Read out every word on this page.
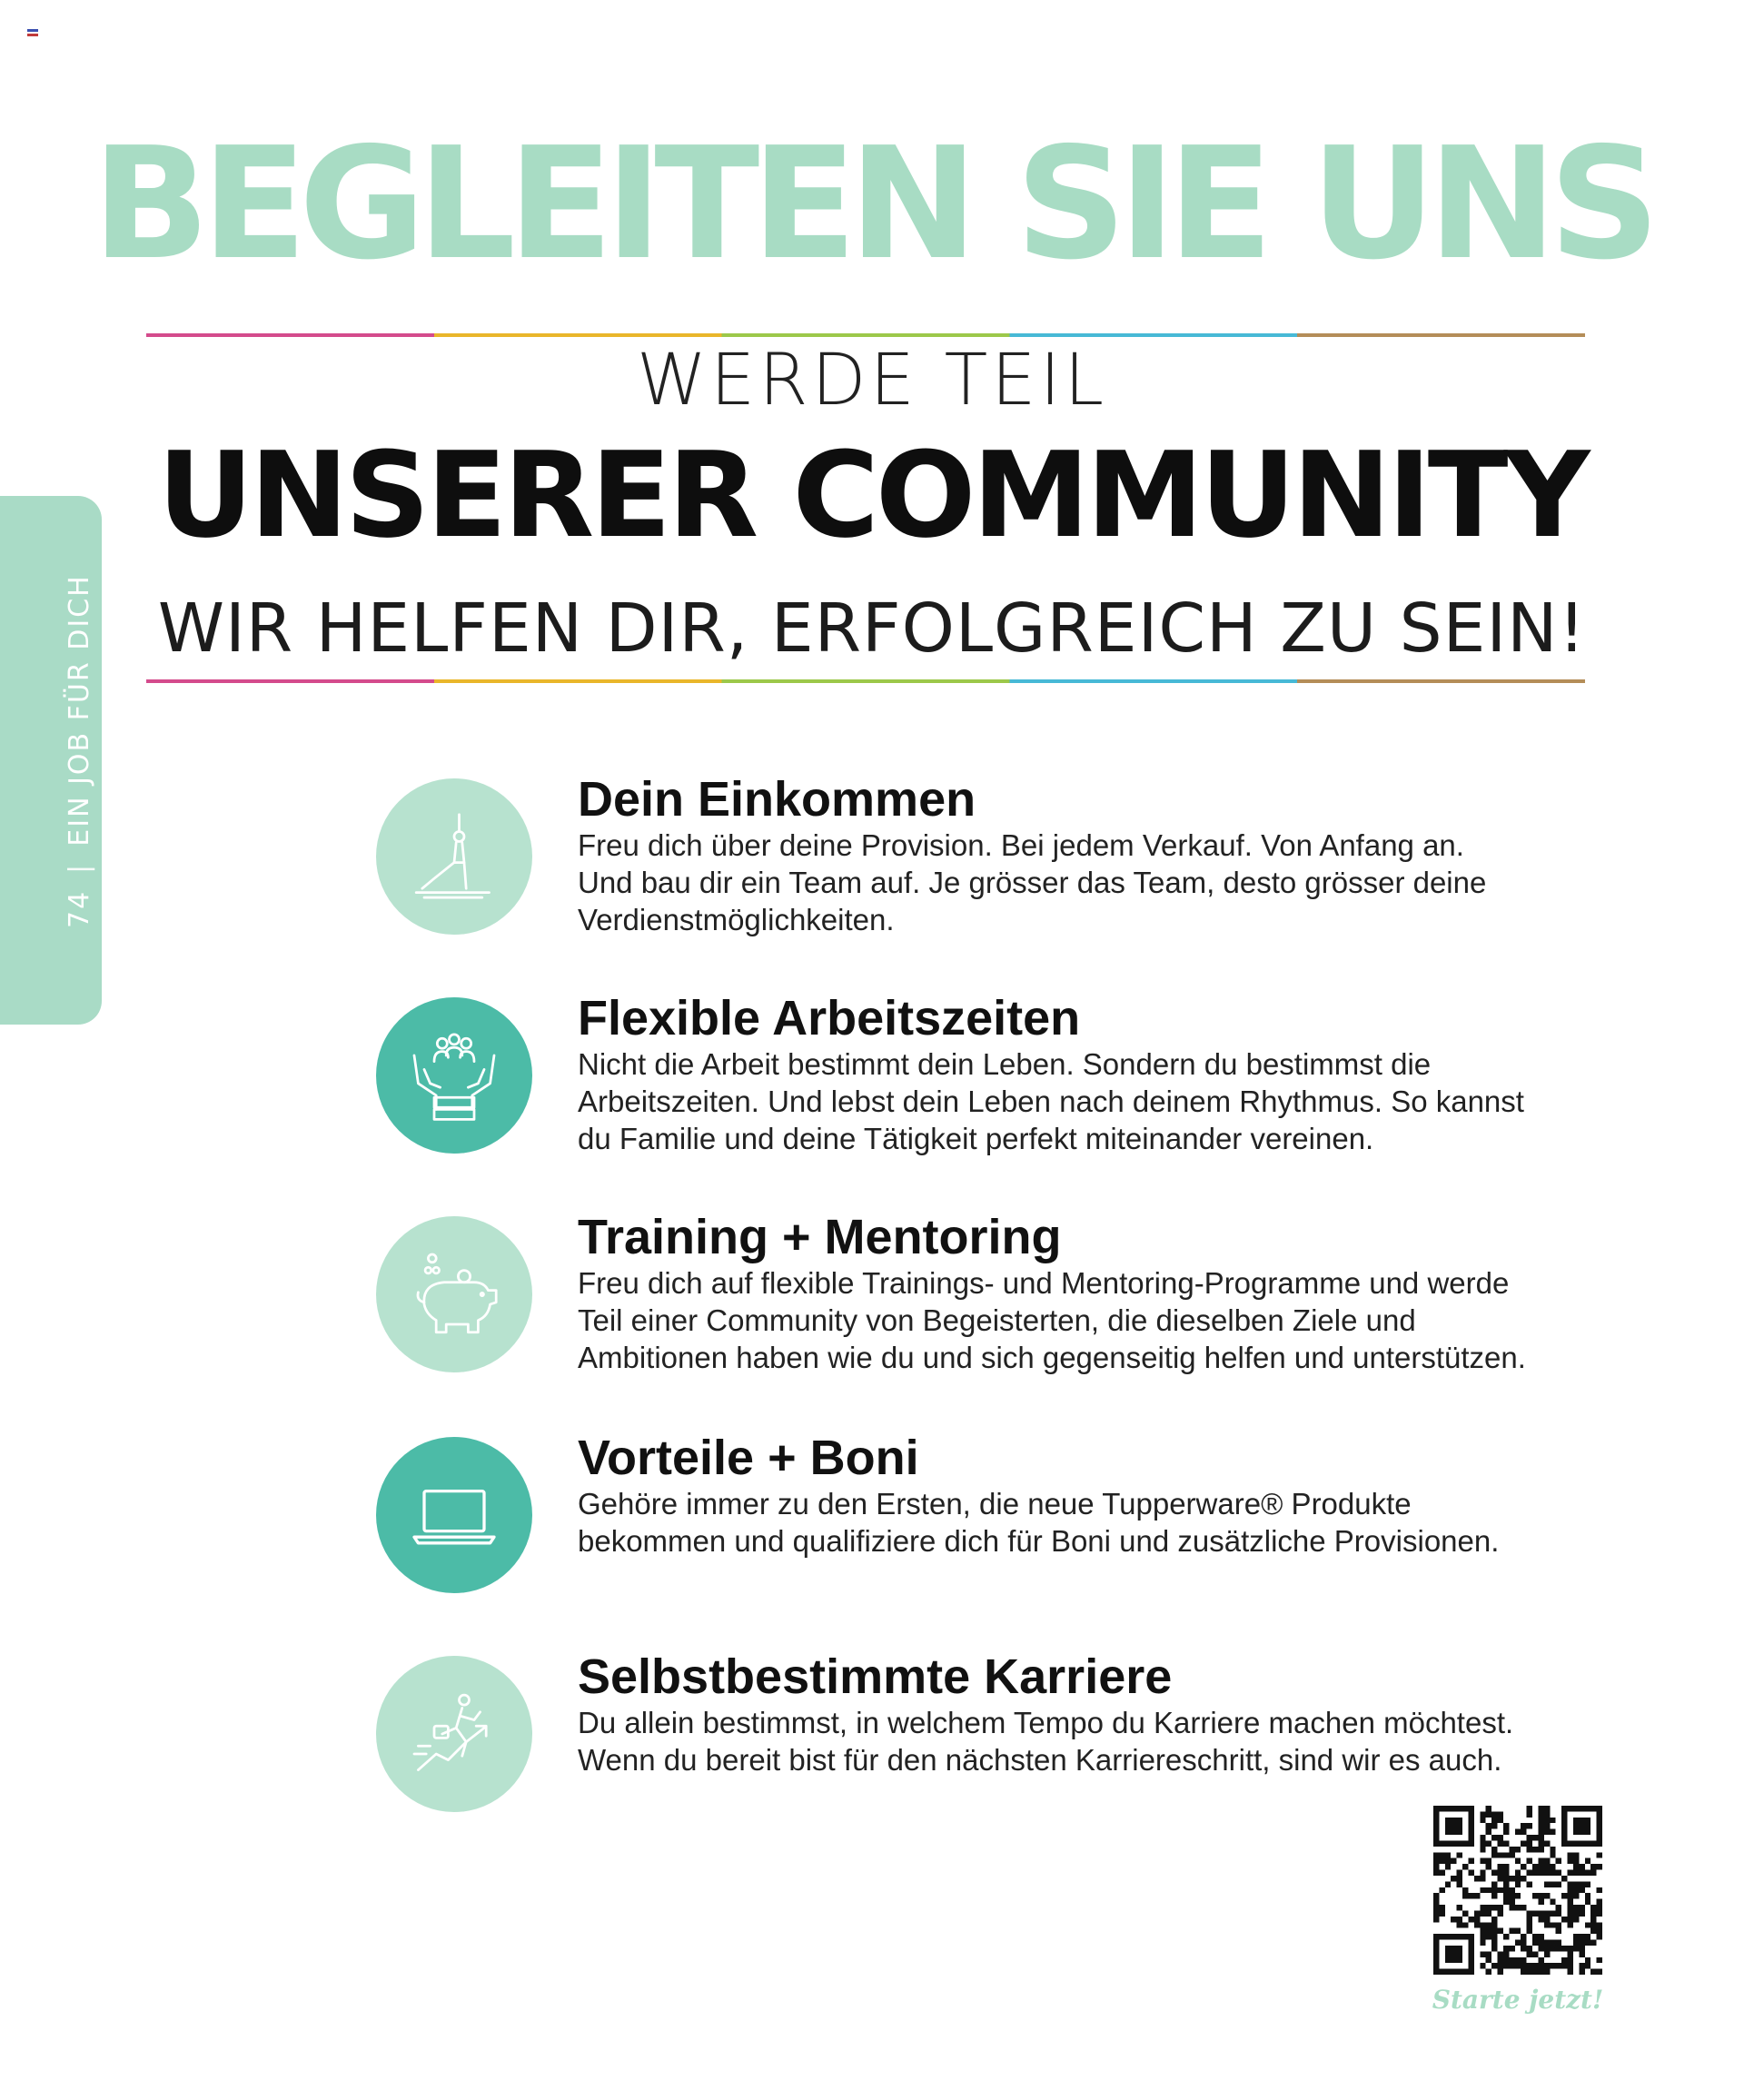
74|EIN JOB FÜR DICH
BEGLEITEN SIE UNS
WERDE TEIL
UNSERER COMMUNITY
WIR HELFEN DIR, ERFOLGREICH ZU SEIN!
Dein Einkommen

Freu dich über deine Provision. Bei jedem Verkauf. Von Anfang an.

Und bau dir ein Team auf. Je grösser das Team, desto grösser deine

Verdienstmöglichkeiten.

Flexible Arbeitszeiten

Nicht die Arbeit bestimmt dein Leben. Sondern du bestimmst die

Arbeitszeiten. Und lebst dein Leben nach deinem Rhythmus. So kannst

du Familie und deine Tätigkeit perfekt miteinander vereinen.

Training + Mentoring

Freu dich auf flexible Trainings- und Mentoring-Programme und werde

Teil einer Community von Begeisterten, die dieselben Ziele und

Ambitionen haben wie du und sich gegenseitig helfen und unterstützen.

Vorteile + Boni

Gehöre immer zu den Ersten, die neue Tupperware® Produkte

bekommen und qualifiziere dich für Boni und zusätzliche Provisionen.

Selbstbestimmte Karriere

Du allein bestimmst, in welchem Tempo du Karriere machen möchtest.

Wenn du bereit bist für den nächsten Karriereschritt, sind wir es auch.

Starte jetzt!
